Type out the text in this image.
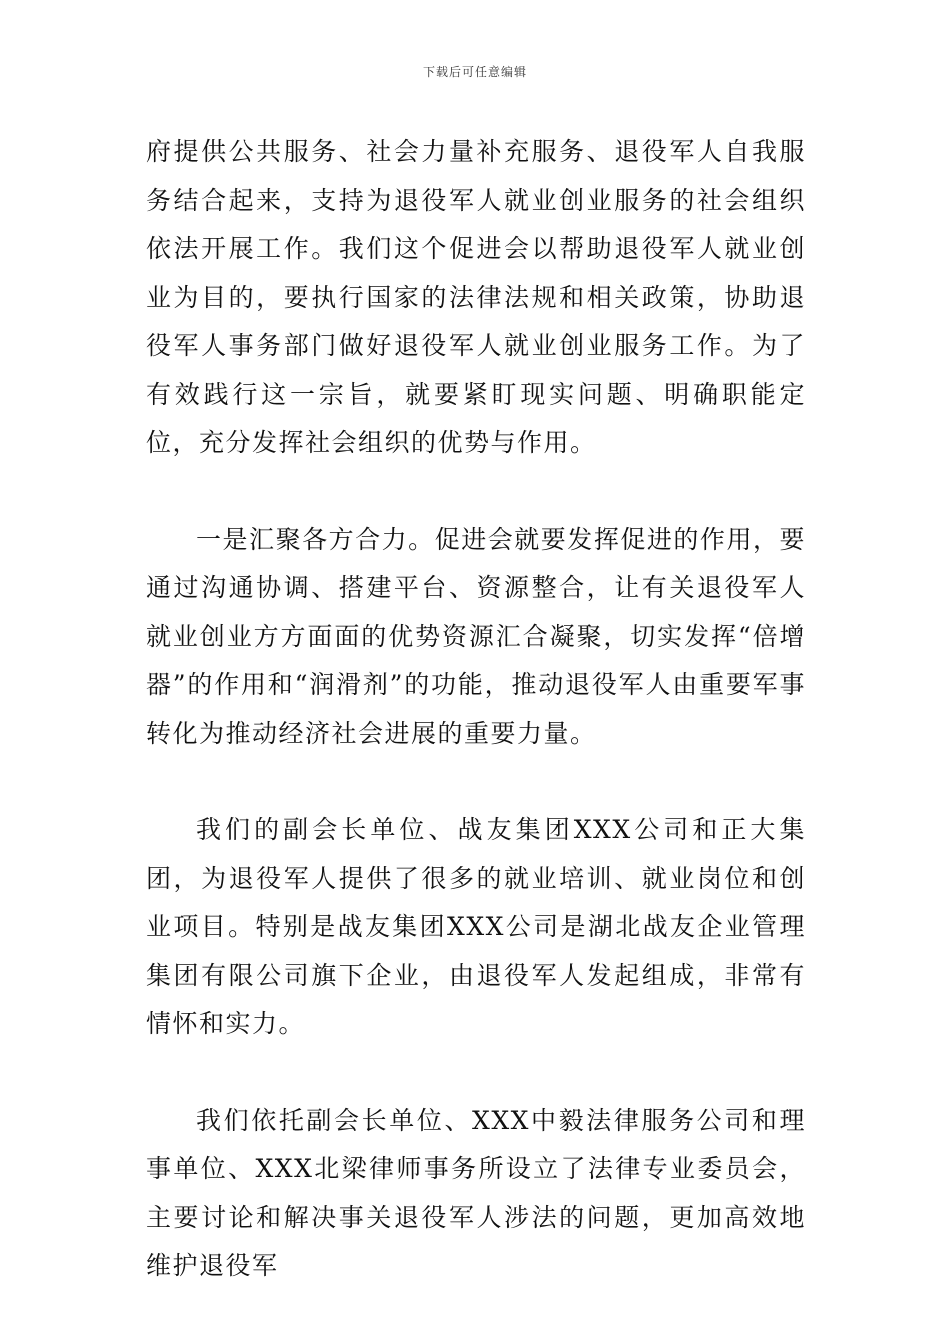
下载后可任意编辑

府提供公共服务、社会力量补充服务、退役军人自我服务结合起来，支持为退役军人就业创业服务的社会组织依法开展工作。我们这个促进会以帮助退役军人就业创业为目的，要执行国家的法律法规和相关政策，协助退役军人事务部门做好退役军人就业创业服务工作。为了有效践行这一宗旨，就要紧盯现实问题、明确职能定位，充分发挥社会组织的优势与作用。

一是汇聚各方合力。促进会就要发挥促进的作用，要通过沟通协调、搭建平台、资源整合，让有关退役军人就业创业方方面面的优势资源汇合凝聚，切实发挥“倍增器”的作用和“润滑剂”的功能，推动退役军人由重要军事转化为推动经济社会进展的重要力量。

我们的副会长单位、战友集团XXX公司和正大集团，为退役军人提供了很多的就业培训、就业岗位和创业项目。特别是战友集团XXX公司是湖北战友企业管理集团有限公司旗下企业，由退役军人发起组成，非常有情怀和实力。

我们依托副会长单位、XXX中毅法律服务公司和理事单位、XXX北梁律师事务所设立了法律专业委员会，主要讨论和解决事关退役军人涉法的问题，更加高效地维护退役军
